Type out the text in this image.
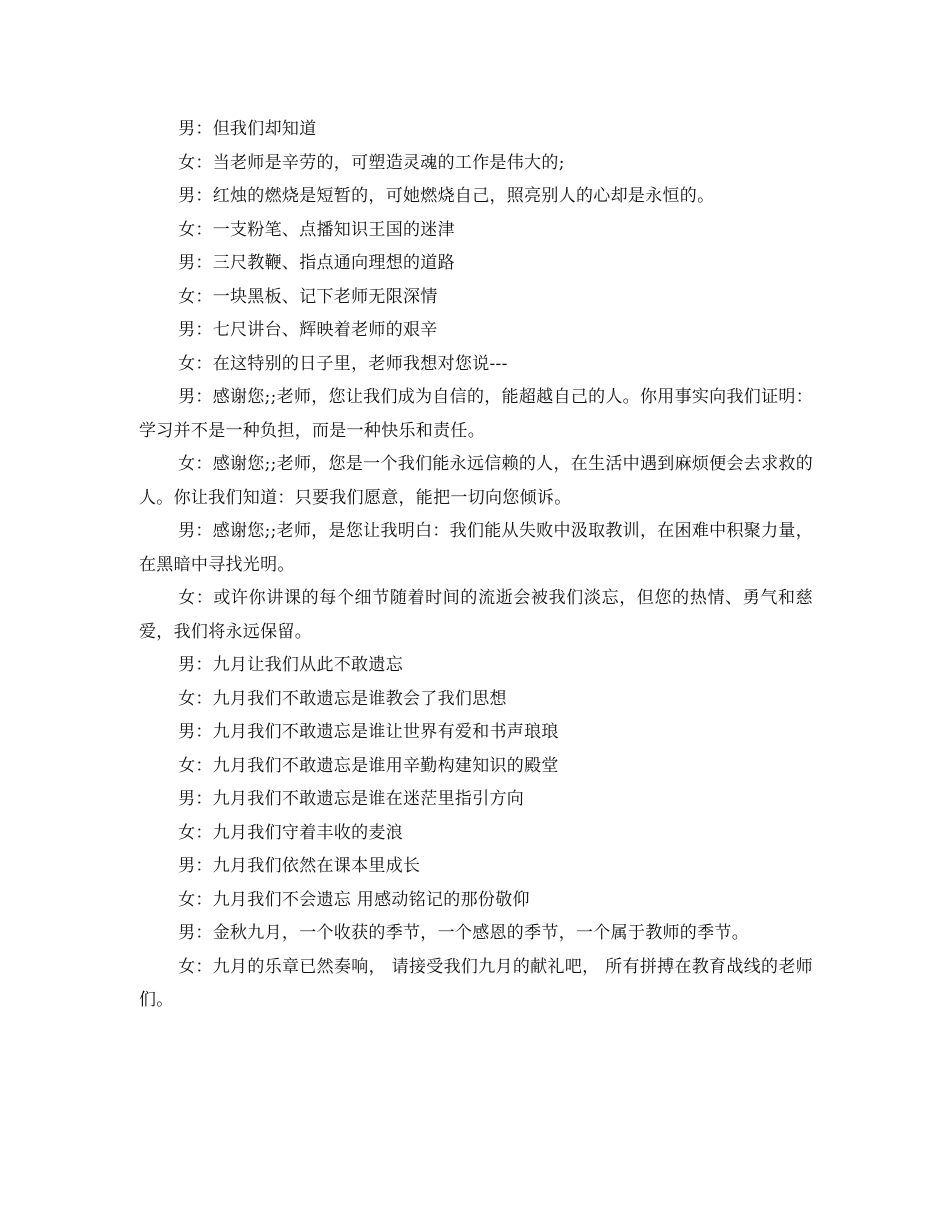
男：但我们却知道

女：当老师是辛劳的，可塑造灵魂的工作是伟大的;

男：红烛的燃烧是短暂的，可她燃烧自己，照亮别人的心却是永恒的。

女：一支粉笔、点播知识王国的迷津

男：三尺教鞭、指点通向理想的道路

女：一块黑板、记下老师无限深情

男：七尺讲台、辉映着老师的艰辛

女：在这特别的日子里，老师我想对您说---

男：感谢您;;老师，您让我们成为自信的，能超越自己的人。你用事实向我们证明：学习并不是一种负担，而是一种快乐和责任。

女：感谢您;;老师，您是一个我们能永远信赖的人，在生活中遇到麻烦便会去求救的人。你让我们知道：只要我们愿意，能把一切向您倾诉。

男：感谢您;;老师，是您让我明白：我们能从失败中汲取教训，在困难中积聚力量，在黑暗中寻找光明。

女：或许你讲课的每个细节随着时间的流逝会被我们淡忘，但您的热情、勇气和慈爱，我们将永远保留。

男：九月让我们从此不敢遗忘

女：九月我们不敢遗忘是谁教会了我们思想

男：九月我们不敢遗忘是谁让世界有爱和书声琅琅

女：九月我们不敢遗忘是谁用辛勤构建知识的殿堂

男：九月我们不敢遗忘是谁在迷茫里指引方向

女：九月我们守着丰收的麦浪

男：九月我们依然在课本里成长

女：九月我们不会遗忘 用感动铭记的那份敬仰

男：金秋九月，一个收获的季节，一个感恩的季节，一个属于教师的季节。

女：九月的乐章已然奏响， 请接受我们九月的献礼吧， 所有拼搏在教育战线的老师们。
